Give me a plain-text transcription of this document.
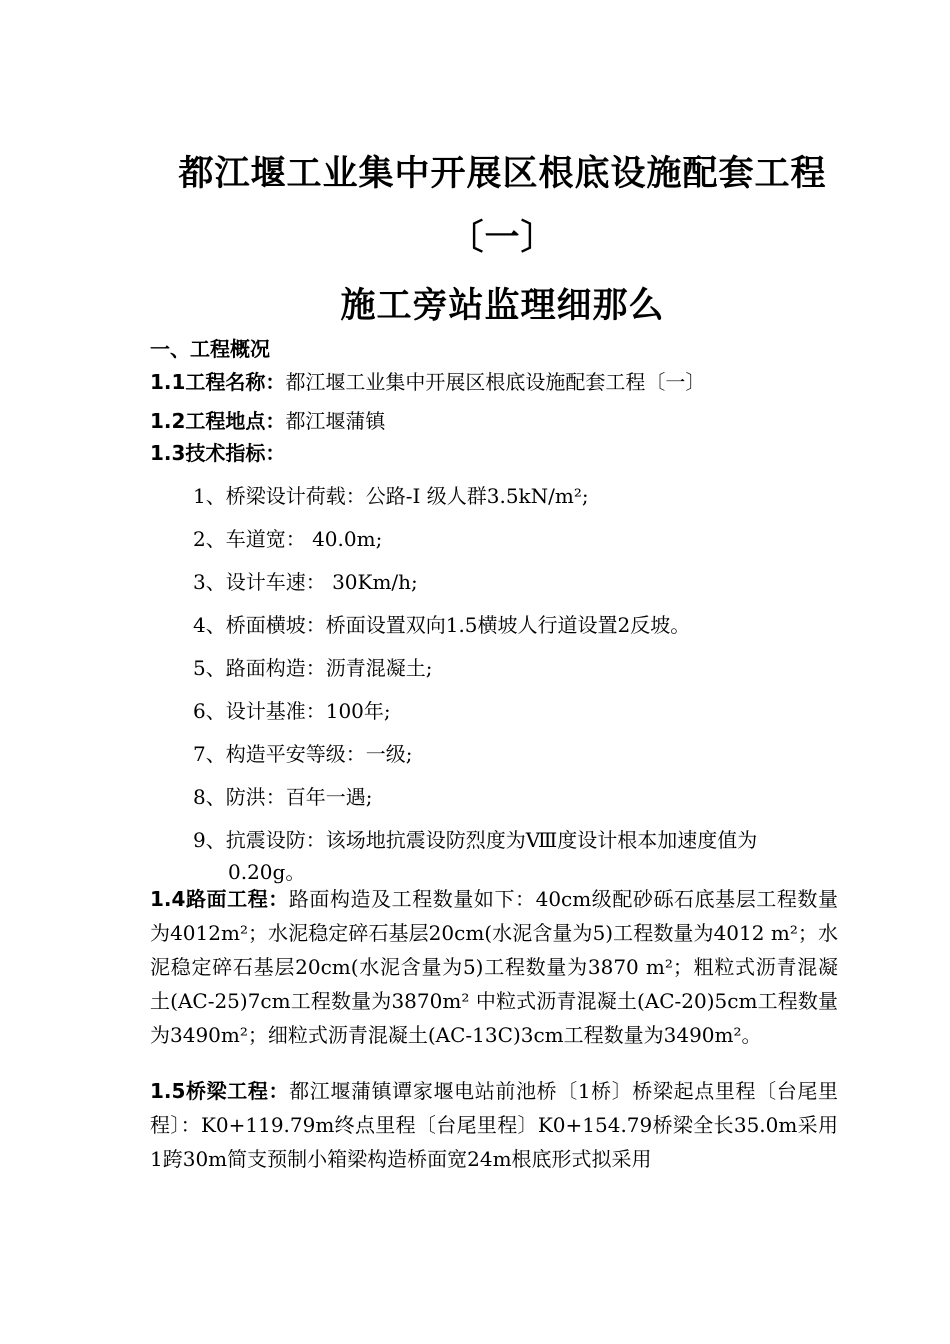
都江堰工业集中开展区根底设施配套工程
〔一〕
施工旁站监理细那么
一、工程概况
1.1工程名称：都江堰工业集中开展区根底设施配套工程〔一〕
1.2工程地点：都江堰蒲镇
1.3技术指标：
1、桥梁设计荷载：公路-Ⅰ 级人群3.5kN/m²;
2、车道宽： 40.0m;
3、设计车速： 30Km/h;
4、桥面横坡：桥面设置双向1.5横坡人行道设置2反坡。
5、路面构造：沥青混凝土;
6、设计基准：100年;
7、构造平安等级：一级;
8、防洪：百年一遇;
9、抗震设防：该场地抗震设防烈度为Ⅷ度设计根本加速度值为
0.20g。
1.4路面工程：路面构造及工程数量如下：40cm级配砂砾石底基层工程数量为4012m²；水泥稳定碎石基层20cm(水泥含量为5)工程数量为4012 m²；水泥稳定碎石基层20cm(水泥含量为5)工程数量为3870 m²；粗粒式沥青混凝土(AC-25)7cm工程数量为3870m² 中粒式沥青混凝土(AC-20)5cm工程数量为3490m²；细粒式沥青混凝土(AC-13C)3cm工程数量为3490m²。
1.5桥梁工程：都江堰蒲镇谭家堰电站前池桥〔1桥〕桥梁起点里程〔台尾里程〕：K0+119.79m终点里程〔台尾里程〕K0+154.79桥梁全长35.0m采用1跨30m简支预制小箱梁构造桥面宽24m根底形式拟采用
